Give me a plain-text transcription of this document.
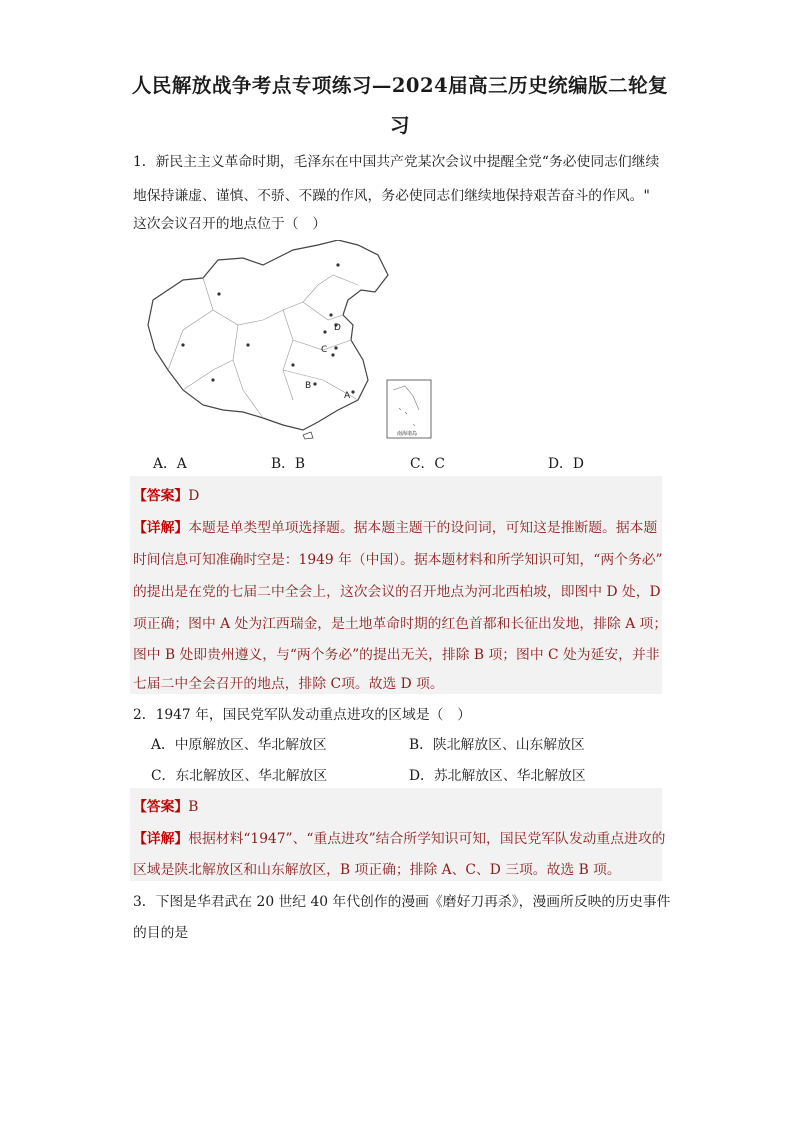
人民解放战争考点专项练习—2024届高三历史统编版二轮复
习
1．新民主主义革命时期，毛泽东在中国共产党某次会议中提醒全党“务必使同志们继续
地保持谦虚、谨慎、不骄、不躁的作风，务必使同志们继续地保持艰苦奋斗的作风。"
这次会议召开的地点位于（　）
D
C
B
A
南海诸岛
A．A	B．B	C．C	D．D
【答案】D
【详解】本题是单类型单项选择题。据本题主题干的设问词，可知这是推断题。据本题
时间信息可知准确时空是：1949 年（中国）。据本题材料和所学知识可知，“两个务必”
的提出是在党的七届二中全会上，这次会议的召开地点为河北西柏坡，即图中 D 处，D
项正确；图中 A 处为江西瑞金，是土地革命时期的红色首都和长征出发地，排除 A 项；
图中 B 处即贵州遵义，与“两个务必”的提出无关，排除 B 项；图中 C 处为延安，并非
七届二中全会召开的地点，排除 C项。故选 D 项。
2．1947 年，国民党军队发动重点进攻的区域是（　）
A．中原解放区、华北解放区	B．陕北解放区、山东解放区
C．东北解放区、华北解放区	D．苏北解放区、华北解放区
【答案】B
【详解】根据材料“1947”、“重点进攻”结合所学知识可知，国民党军队发动重点进攻的
区域是陕北解放区和山东解放区，B 项正确；排除 A、C、D 三项。故选 B 项。
3．下图是华君武在 20 世纪 40 年代创作的漫画《磨好刀再杀》，漫画所反映的历史事件
的目的是
